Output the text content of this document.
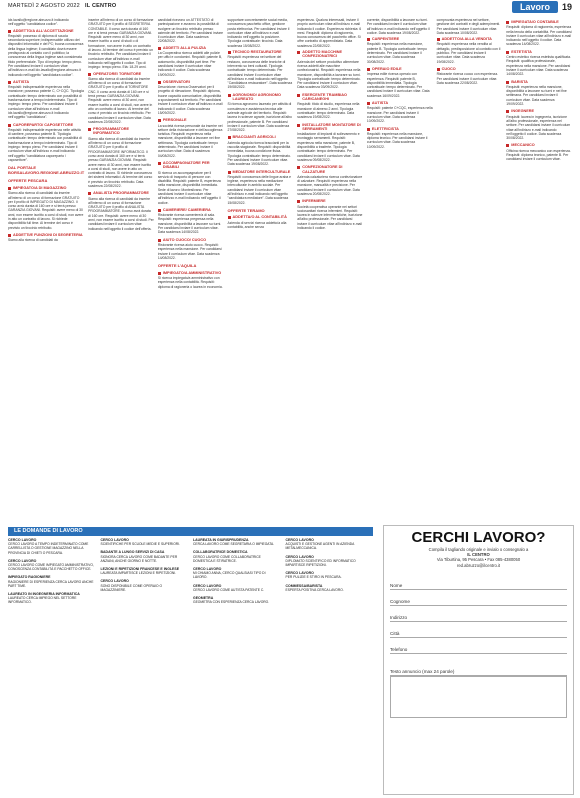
MARTEDÌ 2 AGOSTO 2022 IL CENTRO	Lavoro	19

idx.lavallo@regione.abruzzo.it indicando nell'oggetto "candidatura codice".

ADDETTO/A ALL'ACCETTAZIONE

Requisiti: possesso di diploma di scuola secondaria superiore; indispensabile utilizzo dei dispositivi informatici e del PC; buona conoscenza della lingua inglese; Il candidato dovrà essere predisposto al contatto con il pubblico; la conoscenza della lingua inglese sarà considerata titolo preferenziale. Tipo di impiego: tempo pieno. Per candidarsi inviare il curriculum vitae all'indirizzo e-mail idx.lavallo@regione.abruzzo.it indicando nell'oggetto "candidatura codice".

AUTISTA

Requisiti: indispensabile esperienza nella mansione; possesso patente C, C+CQC. Tipologia contrattuale: tempo determinato con possibilità di trasformazione a tempo indeterminato. Tipo di impiego: tempo pieno. Per candidarsi inviare il curriculum vitae all'indirizzo e-mail idx.lavallo@regione.abruzzo.it indicando nell'oggetto "candidatura".

CAPOREPARTO/ CAPOSETTORE

Requisiti: indispensabile esperienza nelle attività di cantiere, possesso patente B. Tipologia contrattuale: tempo determinato con possibilità di trasformazione a tempo indeterminato. Tipo di impiego: tempo pieno. Per candidarsi inviare il curriculum vitae all'indirizzo e-mail indicando nell'oggetto "candidatura caporeparto / caposettore".

DAL PORTALE BORSALAVORO.REGIONE.ABRUZZO.IT
OFFERTE PESCARA
IMPIEGATO/A DI MAGAZZINO

Siamo alla ricerca di candidati da inserire all'interno di un corso di formazione GRATUITO per il profilo di IMPIEGATO DI MAGAZZINO. Il corso avrà durata di 160 ore e si terrà presso GARANZIA GIOVANI. Requisiti: avere meno di 30 anni, non essere iscritto a corsi di studi, non avere in atto un contratto di lavoro. Si richiede disponibilità full time. Al termine del corso è previsto un tirocinio retribuito.

ADDETTI/E FUNZIONI DI SEGRETERIA

Siamo alla ricerca di candidati da

inserire all'interno di un corso di formazione GRATUITO per il profilo di SEGRETERIA CONTABILE. Il corso avrà durata di 160 ore e si terrà presso GARANZIA GIOVANI. Requisiti: avere meno di 30 anni, non essere iscritto a corsi di studi o di formazione, non avere in atto un contratto di lavoro. Al termine del corso è previsto un tirocinio retribuito. Per candidarsi inviare il curriculum vitae all'indirizzo e-mail indicando nell'oggetto il codice. Tipo di impiego: tempo pieno. Età: 18-29 anni.

OPERATORE/ TORNITORE

Siamo alla ricerca di candidati da inserire all'interno di un corso di formazione GRATUITO per il profilo di TORNITORE CNC. Il corso avrà durata di 160 ore e si terrà presso GARANZIA GIOVANI. Requisiti: avere meno di 30 anni, non essere iscritto a corsi di studi, non avere in atto un contratto di lavoro. Al termine del corso è previsto un tirocinio retribuito. Per candidarsi inviare il curriculum vitae. Data scadenza 22/08/2022.

PROGRAMMATORE INFORMATICO

Siamo alla ricerca di candidati da inserire all'interno di un corso di formazione GRATUITO per il profilo di PROGRAMMATORE INFORMATICO. Il corso avrà durata di 160 ore e si terrà presso GARANZIA GIOVANI. Requisiti: avere meno di 30 anni, non essere iscritto a corsi di studi, non avere in atto un contratto di lavoro. Si richiede conoscenza dei sistemi informatici. Al termine del corso è previsto un tirocinio retribuito. Data scadenza 22/08/2022.

ANALISTA PROGRAMMATORE

Siamo alla ricerca di candidati da inserire all'interno di un corso di formazione GRATUITO per il profilo di ANALISTA PROGRAMMATORE. Il corso avrà durata di 160 ore. Requisiti: avere meno di 30 anni, non essere iscritto a corsi di studi. Per candidarsi inviare il curriculum vitae indicando nell'oggetto il codice dell'offerta.

candidati ricevono un ATTESTATO di partecipazione e avranno la possibilità di svolgere un tirocinio retribuito presso aziende del territorio. Per candidarsi inviare il curriculum vitae. Data scadenza 22/08/2022.

ADDETTI ALLA PULIZIA

La Cooperativa ricerca addetti alle pulizie per uffici e condomini. Requisiti: patente B, automunito, disponibilità part time. Per candidarsi inviare il curriculum vitae indicando il codice. Data scadenza 19/09/2022.

OSSERVATORI

Descrizione: ricerca Osservatori per il progetto di rilevazione. Requisiti: diploma, buone capacità comunicative, disponibilità a spostamenti sul territorio. Per candidarsi inviare il curriculum vitae all'indirizzo e-mail indicando il codice. Data scadenza 15/09/2022.

PERSONALE

La società ricerca personale da inserire nel settore della ristorazione e dell'accoglienza turistica. Requisiti: esperienza nella mansione, disponibilità a lavorare nei fine settimana. Tipologia contrattuale: tempo determinato. Per candidarsi inviare il curriculum vitae. Data di scadenza 04/08/2022.

ACCOMPAGNATORE PER DISABILI

Si ricerca un accompagnatore per il servizio di trasporto di persone con disabilità. Requisiti: patente B, esperienza nella mansione, disponibilità immediata. Sede di lavoro: Montesilvano. Per candidarsi inviare il curriculum vitae all'indirizzo e-mail indicando nell'oggetto il codice.

CAMERIERE/ CAMERIERA

Ristorante ricerca cameriere/a di sala. Requisiti: esperienza pregressa nella mansione, disponibilità a lavorare su turni. Per candidarsi inviare il curriculum vitae. Data scadenza 14/08/2022.

AIUTO CUOCO/ CUOCO

Ristorante ricerca aiuto cuoco. Requisiti: esperienza nella mansione. Per candidarsi inviare il curriculum vitae. Data scadenza 14/08/2022.

OFFERTE L'AQUILA
IMPIEGATO/A AMMINISTRATIVO

Si ricerca impiegato/a amministrativo con esperienza nella contabilità. Requisiti: diploma di ragioneria o laurea in economia.

supportare concretamente social media, conoscenza pacchetto office, gestione posta elettronica. Per candidarsi inviare il curriculum vitae all'indirizzo e-mail indicando nell'oggetto la posizione. Tipologia contrattuale: tirocinio. Data scadenza 15/08/2022.

TECNICO RESTAURATORE

Requisiti: esperienza nel settore del restauro, conoscenza delle tecniche di intervento su beni culturali. Tipologia contrattuale: tempo determinato. Per candidarsi inviare il curriculum vitae all'indirizzo e-mail indicando nell'oggetto "Candidatura restauratore". Data scadenza 19/08/2022.

AGRONOMO/ AGRONOMO LAUREATO

Si ricerca agronomo laureato per attività di consulenza e assistenza tecnica alle aziende agricole del territorio. Requisiti: laurea in scienze agrarie, iscrizione all'albo professionale, patente B. Per candidarsi inviare il curriculum vitae. Data scadenza 27/08/2022.

BRACCIANTI AGRICOLI

Azienda agricola ricerca braccianti per la raccolta stagionale. Requisiti: disponibilità immediata, buona condizione fisica. Tipologia contrattuale: tempo determinato. Per candidarsi inviare il curriculum vitae. Data scadenza 19/08/2022.

MEDIATORE INTERCULTURALE

Requisiti: conoscenza delle lingue araba e inglese, esperienza nella mediazione interculturale in ambito sociale. Per candidarsi inviare il curriculum vitae all'indirizzo e-mail indicando nell'oggetto "candidatura mediatore". Data scadenza 15/08/2022.

OFFERTE TERAMO
ADDETTA/O AL CONTABILITÀ

Azienda di servizi ricerca addetto/a alla contabilità, anche senza

esperienza. Qualora interessati, inviare il proprio curriculum vitae all'indirizzo e-mail indicando il codice. Esperienza richiesta: 6 mesi. Requisiti: diploma di ragioneria, buona conoscenza del pacchetto office. Si offre contratto di apprendistato. Data scadenza 22/08/2022.

ADDETTO MACCHINE CONFEZIONATRICI

Azienda del settore produttivo alimentare ricerca addetti alle macchine confezionatrici. Requisiti: esperienza nella mansione, disponibilità a lavorare su turni. Tipologia contrattuale: tempo determinato. Per candidarsi inviare il curriculum vitae. Data scadenza 03/09/2022.

ESERCENTE TRAMBIAO CARICANEGHI

Requisiti: titolo di studio, esperienza nella mansione di almeno 2 anni. Tipologia contrattuale: tempo determinato. Data scadenza 19/08/2022.

INSTALLATORE MONTATORE DI SERRAMENTI

Installazione di impianti di sollevamento e montaggio serramenti. Requisiti: esperienza nella mansione, patente B, disponibilità a trasferte. Tipologia contrattuale: tempo determinato. Per candidarsi inviare il curriculum vitae. Data scadenza 09/08/2022.

CONFEZIONATORE DI CALZATURE

Azienda calzaturiera ricerca confezionatore di calzature. Requisiti: esperienza nella mansione, manualità e precisione. Per candidarsi inviare il curriculum vitae. Data scadenza 20/08/2022.

INFERMIERE

Società cooperativa operante nei settori sociosanitari ricerca infermieri. Requisiti: laurea in scienze infermieristiche, iscrizione all'albo professionale. Per candidarsi inviare il curriculum vitae all'indirizzo e-mail indicando il codice.

corrente, disponibilità a lavorare su turni. Per candidarsi inviare il curriculum vitae all'indirizzo e-mail indicando nell'oggetto il codice. Data scadenza 19/08/2022.

CARPENTIERE

Requisiti: esperienza nella mansione, patente B. Tipologia contrattuale: tempo determinato. Per candidarsi inviare il curriculum vitae. Data scadenza 30/08/2022.

OPERAIO EDILE

Impresa edile ricerca operaio con esperienza. Requisiti: patente B, disponibilità immediata. Tipologia contrattuale: tempo determinato. Per candidarsi inviare il curriculum vitae. Data scadenza 16/09/2022.

AUTISTA

Requisiti: patente C+CQC, esperienza nella mansione. Per candidarsi inviare il curriculum vitae. Data scadenza 10/09/2022.

ELETTRICISTA

Requisiti: esperienza nella mansione, diploma tecnico. Per candidarsi inviare il curriculum vitae. Data scadenza 10/09/2022.

comprovata esperienza nel settore, gestione dei contratti e degli adempimenti. Per candidarsi inviare il curriculum vitae. Data scadenza 10/08/2022.

ADDETTO/A ALLA VENDITA

Requisiti: esperienza nella vendita al dettaglio, predisposizione al contatto con il pubblico. Per candidarsi inviare il curriculum vitae. Data scadenza 19/08/2022.

CUOCO

Ristorante ricerca cuoco con esperienza. Per candidarsi inviare il curriculum vitae. Data scadenza 22/08/2022.

IMPIEGATA/O CONTABILE

Requisiti: diploma di ragioneria, esperienza nella tenuta della contabilità. Per candidarsi inviare il curriculum vitae all'indirizzo e-mail indicando nell'oggetto il codice. Data scadenza 14/08/2022.

ESTETISTA

Centro estetico ricerca estetista qualificata. Requisiti: qualifica professionale, esperienza nella mansione. Per candidarsi inviare il curriculum vitae. Data scadenza 14/08/2022.

BARISTA

Requisiti: esperienza nella mansione, disponibilità a lavorare su turni e nei fine settimana. Per candidarsi inviare il curriculum vitae. Data scadenza 19/09/2022.

INGEGNERE

Requisiti: laurea in ingegneria, iscrizione all'albo professionale, esperienza nel settore. Per candidarsi inviare il curriculum vitae all'indirizzo e-mail indicando nell'oggetto il codice. Data scadenza 30/08/2022.

MECCANICO

Officina ricerca meccanico con esperienza. Requisiti: diploma tecnico, patente B. Per candidarsi inviare il curriculum vitae.

LE DOMANDE DI LAVORO

CERCO LAVORO

CERCO LAVORO A TEMPO INDETERMINATO COME CARRELLISTA O GESTIONE MAGAZZINO NELLA PROVINCIA DI CHIETI O PESCARA.

CERCO LAVORO

CERCO LAVORO COME IMPIEGATO AMMINISTRATIVO, CONOSCENZA CONTABILITÀ E PACCHETTO OFFICE.

IMPIEGATO RAGIONIERE

RAGIONIERE DI ESPERIENZA CERCA LAVORO ANCHE PART TIME.

LAUREATO IN INGEGNERIA INFORMATICA

LAUREATO CERCA IMPIEGO NEL SETTORE INFORMATICO.

CERCO LAVORO

SCIENTIFICHE PER SCUOLE MEDIE E SUPERIORI.

BADANTE A LUNGO SERVIZI DI CASA

SIGNORA CERCA LAVORO COME BADANTE PER ANZIANI, ANCHE GIORNO E NOTTE.

LEZIONI E RIPETIZIONI FRANCESE E INGLESE

LAUREATA IMPARTISCE LEZIONI E RIPETIZIONI.

CERCO LAVORO

SONO DISPONIBILE COME OPERAIO O MAGAZZINIERE.

LAUREATA IN GIURISPRUDENZA

CERCA LAVORO COME SEGRETARIA O IMPIEGATA.

COLLABORATRICE DOMESTICA

CERCO LAVORO COME COLLABORATRICE DOMESTICA E STIRATRICE.

CERCO LAVORO

MI CHIAMO ANNA, CERCO QUALSIASI TIPO DI LAVORO.

CERCO LAVORO

CERCO LAVORO COME AUTISTA PATENTE C.

GEOMETRA

GEOMETRA CON ESPERIENZA CERCA LAVORO.

CERCO LAVORO

ACQUISTI E GESTIONE AGENTI IN AZIENDA METALMECCANICA.

CERCO LAVORO

DIPLOMATO SCIENTIFICO ED INFORMATICO IMPARTISCE RIPETIZIONI.

CERCO LAVORO

PER PULIZIE E STIRO IN PESCARA.

COMMESSA/BARISTA

ESPERTA POSITIVA CERCA LAVORO.

CERCHI LAVORO?
Compila il tagliando originale e invialo o consegnalo a
IL CENTRO
Via Tiburtina, 95 Pescara • Fax 085-4380050
red.abruzzo@ilcentro.it
Nome
Cognome
Indirizzo
Città
Telefono
Testo annuncio (max 24 parole)
